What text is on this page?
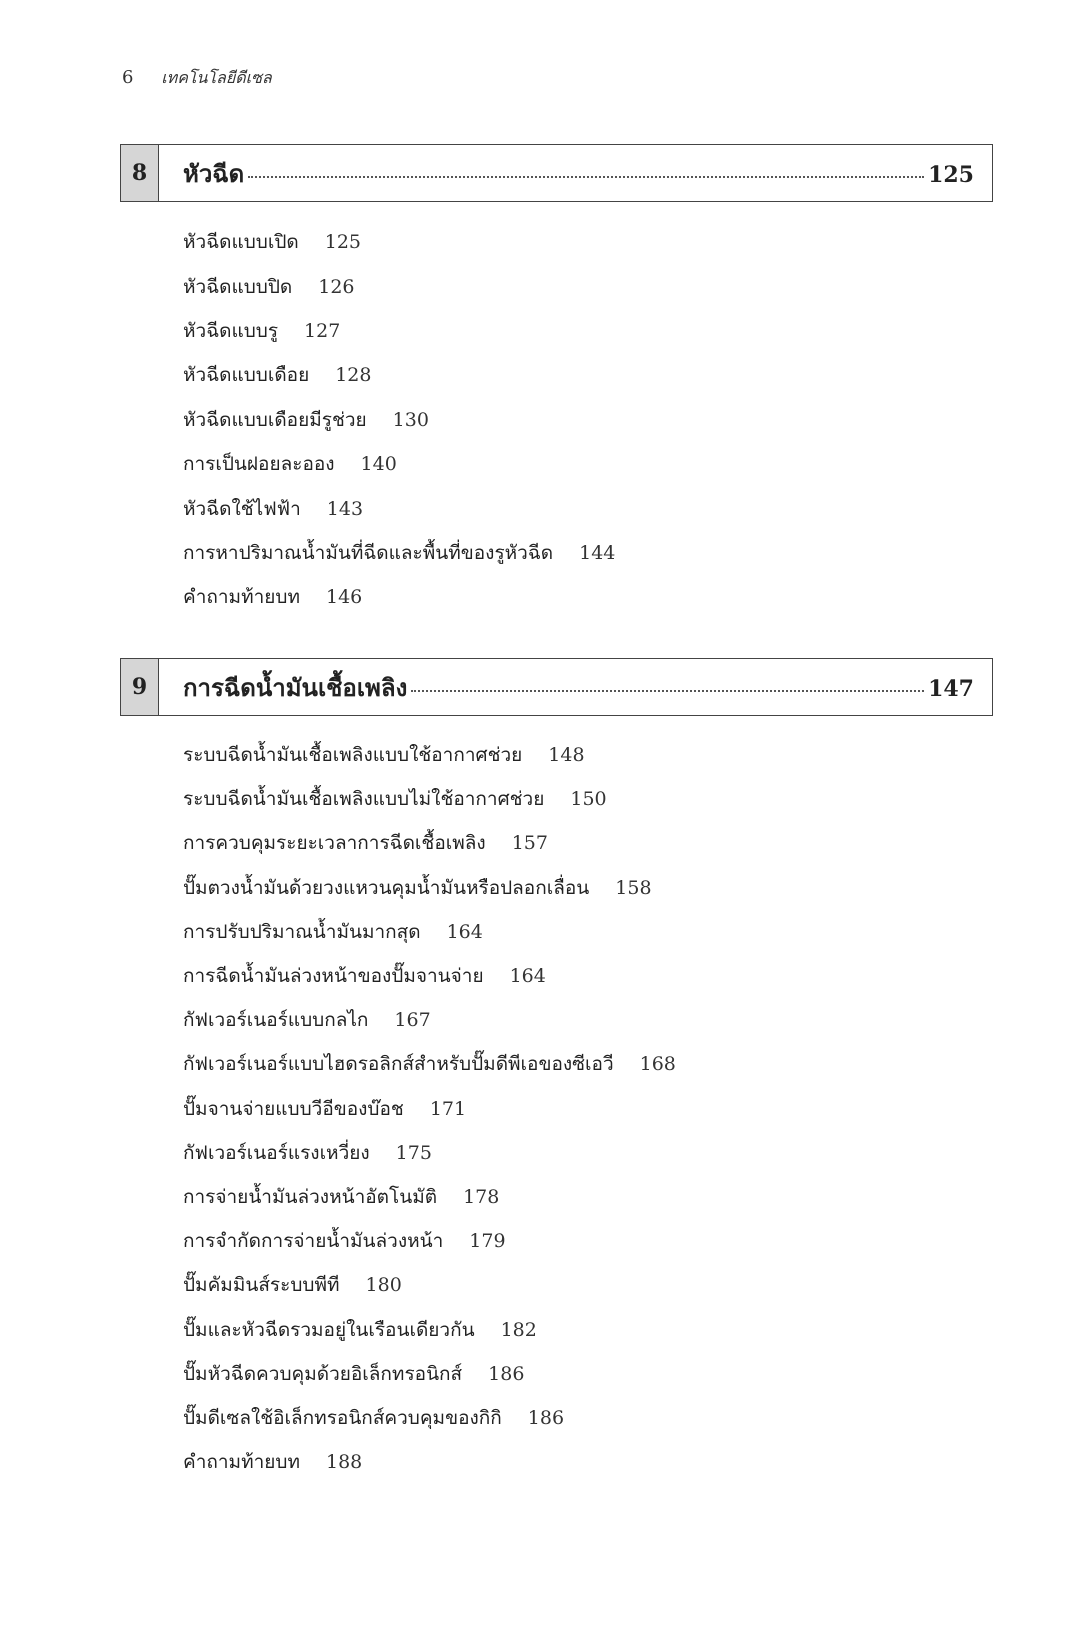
6 เทคโนโลยีดีเซล
8	หัวฉีด	125
หัวฉีดแบบเปิด 125
หัวฉีดแบบปิด 126
หัวฉีดแบบรู 127
หัวฉีดแบบเดือย 128
หัวฉีดแบบเดือยมีรูช่วย 130
การเป็นฝอยละออง 140
หัวฉีดใช้ไฟฟ้า 143
การหาปริมาณน้ำมันที่ฉีดและพื้นที่ของรูหัวฉีด 144
คำถามท้ายบท 146
9	การฉีดน้ำมันเชื้อเพลิง	147
ระบบฉีดน้ำมันเชื้อเพลิงแบบใช้อากาศช่วย 148
ระบบฉีดน้ำมันเชื้อเพลิงแบบไม่ใช้อากาศช่วย 150
การควบคุมระยะเวลาการฉีดเชื้อเพลิง 157
ปั๊มตวงน้ำมันด้วยวงแหวนคุมน้ำมันหรือปลอกเลื่อน 158
การปรับปริมาณน้ำมันมากสุด 164
การฉีดน้ำมันล่วงหน้าของปั๊มจานจ่าย 164
กัฟเวอร์เนอร์แบบกลไก 167
กัฟเวอร์เนอร์แบบไฮดรอลิกส์สำหรับปั๊มดีพีเอของซีเอวี 168
ปั๊มจานจ่ายแบบวีอีของบ๊อช 171
กัฟเวอร์เนอร์แรงเหวี่ยง 175
การจ่ายน้ำมันล่วงหน้าอัตโนมัติ 178
การจำกัดการจ่ายน้ำมันล่วงหน้า 179
ปั๊มคัมมินส์ระบบพีที 180
ปั๊มและหัวฉีดรวมอยู่ในเรือนเดียวกัน 182
ปั๊มหัวฉีดควบคุมด้วยอิเล็กทรอนิกส์ 186
ปั๊มดีเซลใช้อิเล็กทรอนิกส์ควบคุมของกิกิ 186
คำถามท้ายบท 188
